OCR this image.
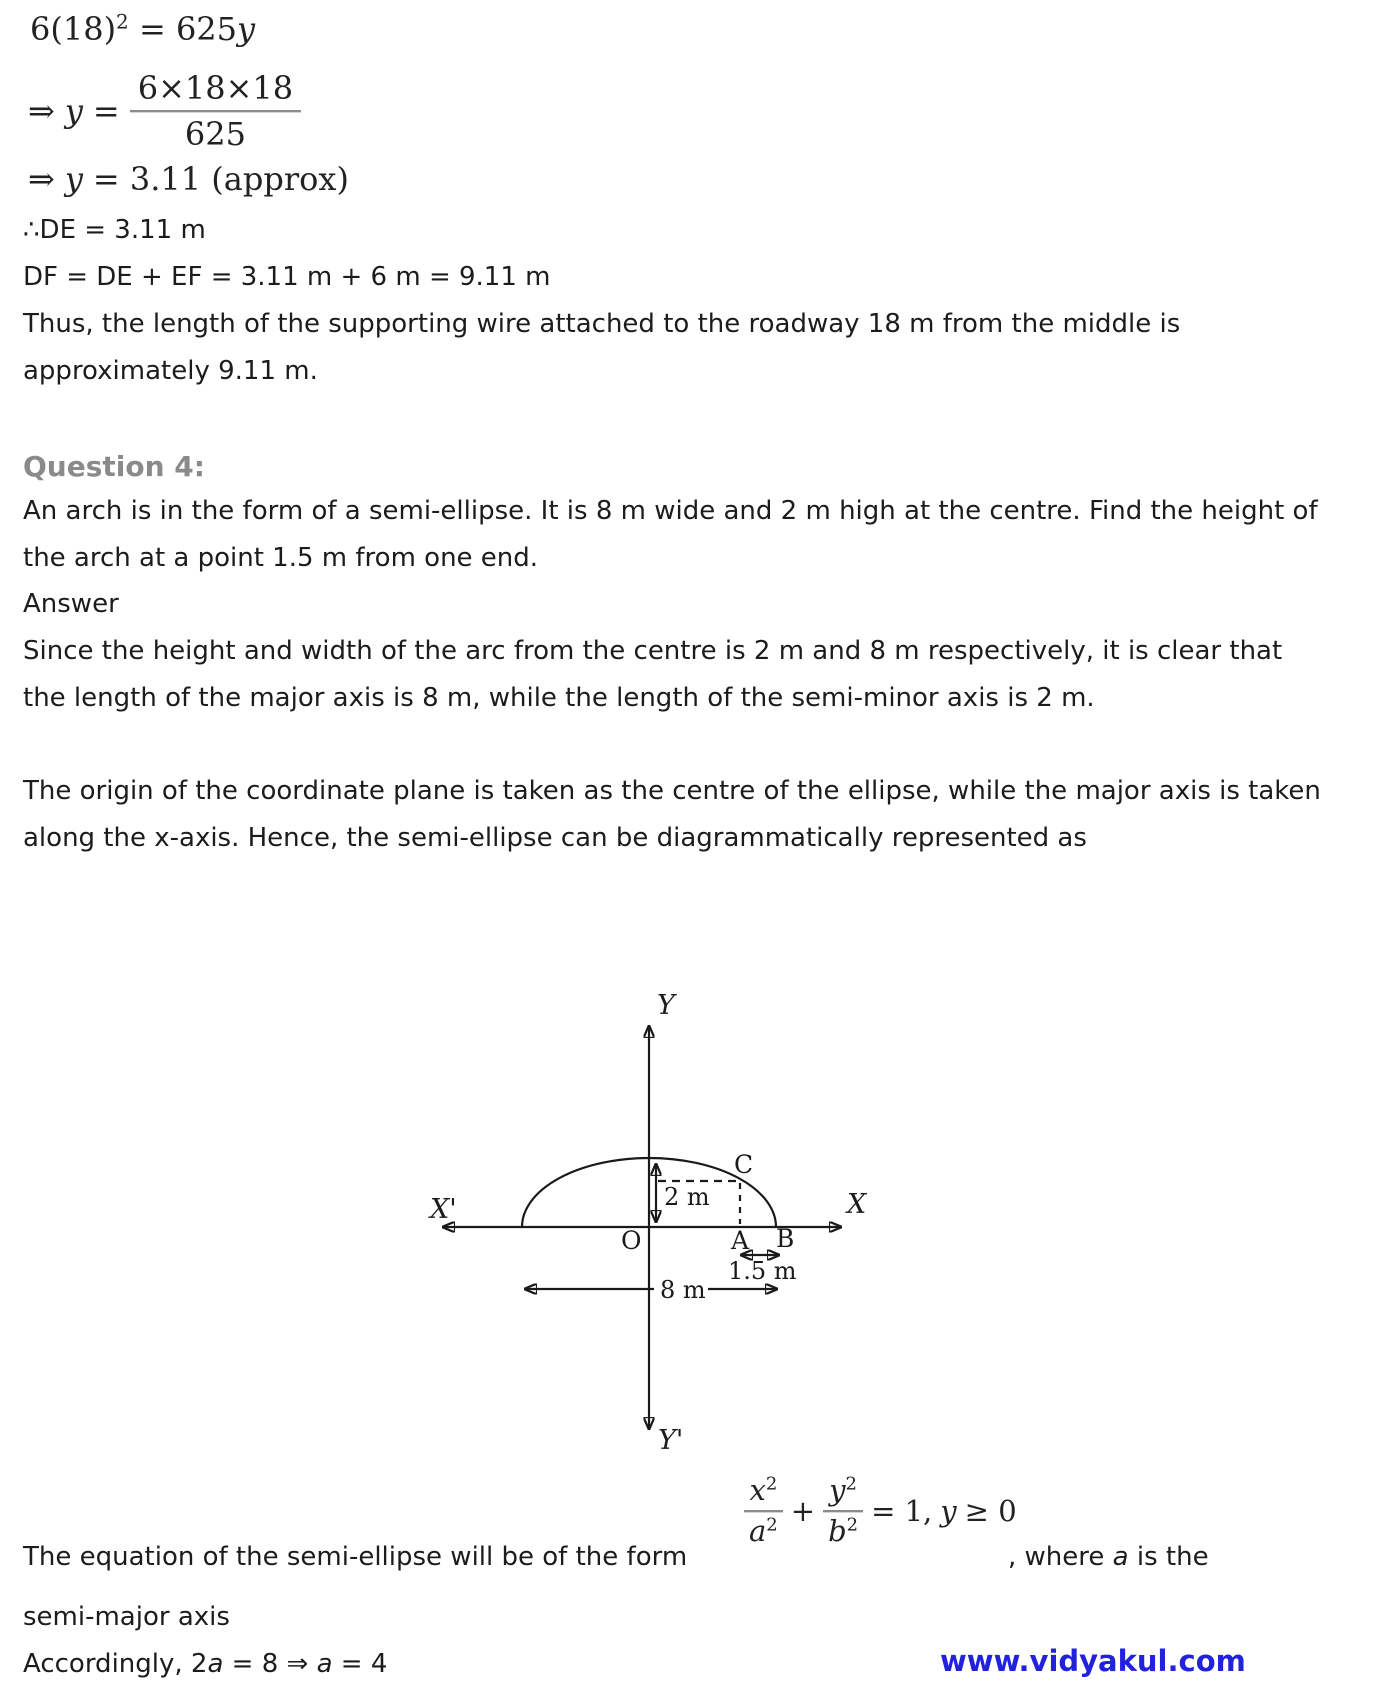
$6(18)^2 = 625y$
⇒ $y = \frac{6\times 18\times 18}{625}$
⇒ y = 3.11 (approx)

∴DE = 3.11 m

DF = DE + EF = 3.11 m + 6 m = 9.11 m

Thus, the length of the supporting wire attached to the roadway 18 m from the middle is approximately 9.11 m.

Question 4:

An arch is in the form of a semi-ellipse. It is 8 m wide and 2 m high at the centre. Find the height of the arch at a point 1.5 m from one end.

Answer

Since the height and width of the arc from the centre is 2 m and 8 m respectively, it is clear that the length of the major axis is 8 m, while the length of the semi-minor axis is 2 m.

The origin of the coordinate plane is taken as the centre of the ellipse, while the major axis is taken along the x-axis. Hence, the semi-ellipse can be diagrammatically represented as

Y
Y'
X'	X
O	A B
C
2 m
1.5 m
8 m

The equation of the semi-ellipse will be of the form

$\frac{x^2}{a^2} + \frac{y^2}{b^2} = 1$, y ≥ 0

, where a is the

semi-major axis

Accordingly, 2a = 8 ⇒ a = 4	www.vidyakul.com
